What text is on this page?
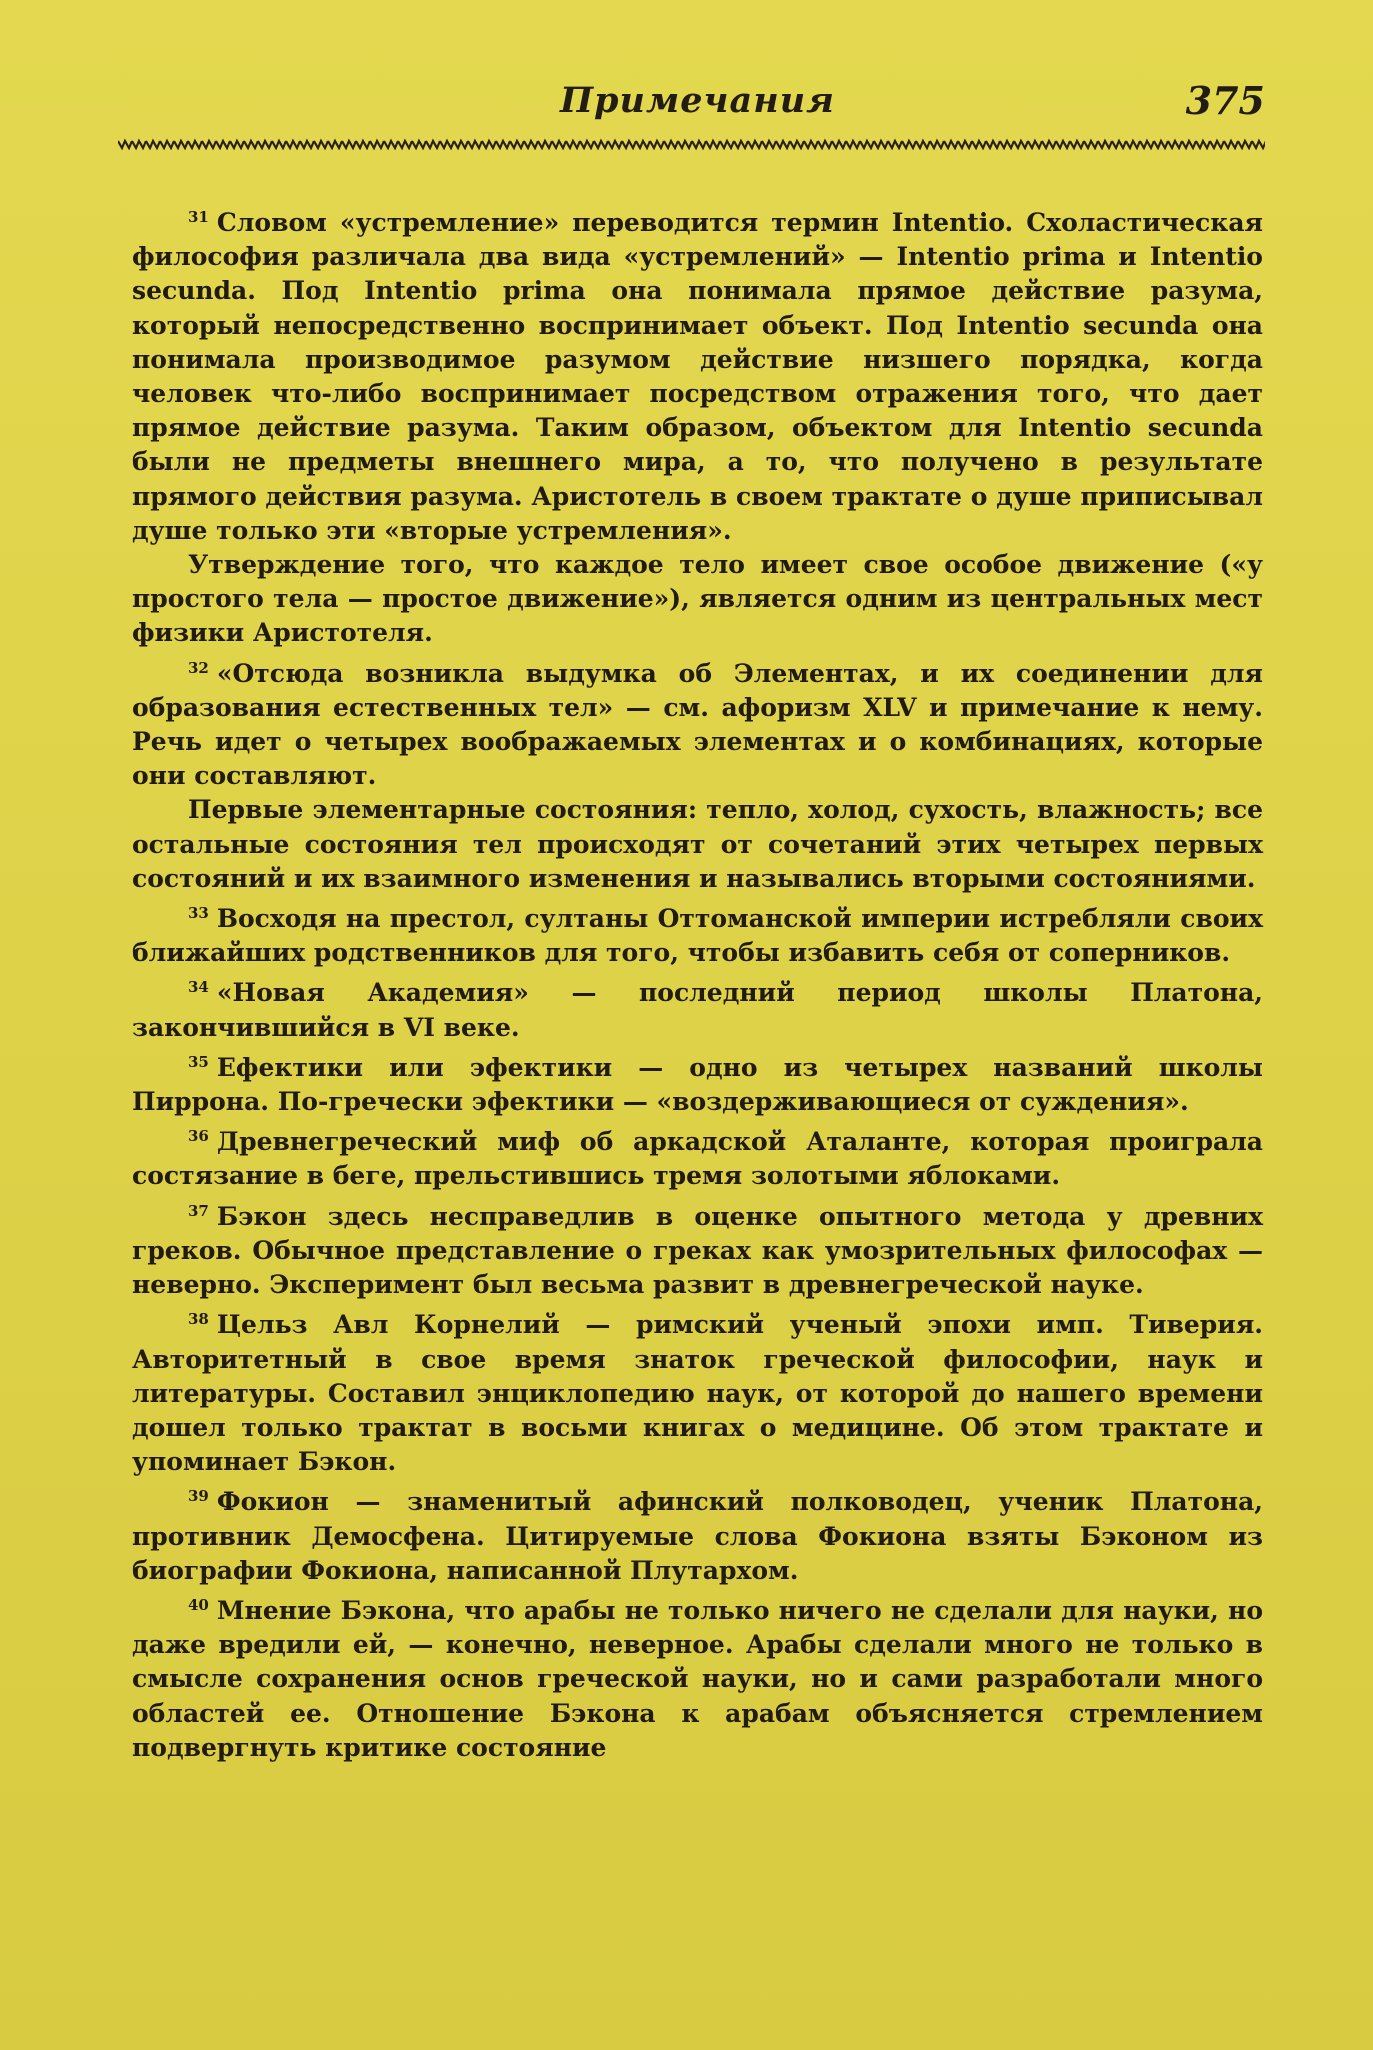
Примечания	375

$^{31}$ Словом «устремление» переводится термин Intentio. Схоластическая философия различала два вида «устремлений» — Intentio prima и Intentio secunda. Под Intentio prima она понимала прямое действие разума, который непосредственно воспринимает объект. Под Intentio secunda она понимала производимое разумом действие низшего порядка, когда человек что-либо воспринимает посредством отражения того, что дает прямое действие разума. Таким образом, объектом для Intentio secunda были не предметы внешнего мира, а то, что получено в результате прямого действия разума. Аристотель в своем трактате о душе приписывал душе только эти «вторые устремления».

Утверждение того, что каждое тело имеет свое особое движение («у простого тела — простое движение»), является одним из центральных мест физики Аристотеля.

$^{32}$ «Отсюда возникла выдумка об Элементах, и их соединении для образования естественных тел» — см. афоризм XLV и примечание к нему. Речь идет о четырех воображаемых элементах и о комбинациях, которые они составляют.

Первые элементарные состояния: тепло, холод, сухость, влажность; все остальные состояния тел происходят от сочетаний этих четырех первых состояний и их взаимного изменения и назывались вторыми состояниями.

$^{33}$ Восходя на престол, султаны Оттоманской империи истребляли своих ближайших родственников для того, чтобы избавить себя от соперников.

$^{34}$ «Новая Академия» — последний период школы Платона, закончившийся в VI веке.

$^{35}$ Ефектики или эфектики — одно из четырех названий школы Пиррона. По-гречески эфектики — «воздерживающиеся от суждения».

$^{36}$ Древнегреческий миф об аркадской Аталанте, которая проиграла состязание в беге, прельстившись тремя золотыми яблоками.

$^{37}$ Бэкон здесь несправедлив в оценке опытного метода у древних греков. Обычное представление о греках как умозрительных философах — неверно. Эксперимент был весьма развит в древнегреческой науке.

$^{38}$ Цельз Авл Корнелий — римский ученый эпохи имп. Тиверия. Авторитетный в свое время знаток греческой философии, наук и литературы. Составил энциклопедию наук, от которой до нашего времени дошел только трактат в восьми книгах о медицине. Об этом трактате и упоминает Бэкон.

$^{39}$ Фокион — знаменитый афинский полководец, ученик Платона, противник Демосфена. Цитируемые слова Фокиона взяты Бэконом из биографии Фокиона, написанной Плутархом.

$^{40}$ Мнение Бэкона, что арабы не только ничего не сделали для науки, но даже вредили ей, — конечно, неверное. Арабы сделали много не только в смысле сохранения основ греческой науки, но и сами разработали много областей ее. Отношение Бэкона к арабам объясняется стремлением подвергнуть критике состояние
